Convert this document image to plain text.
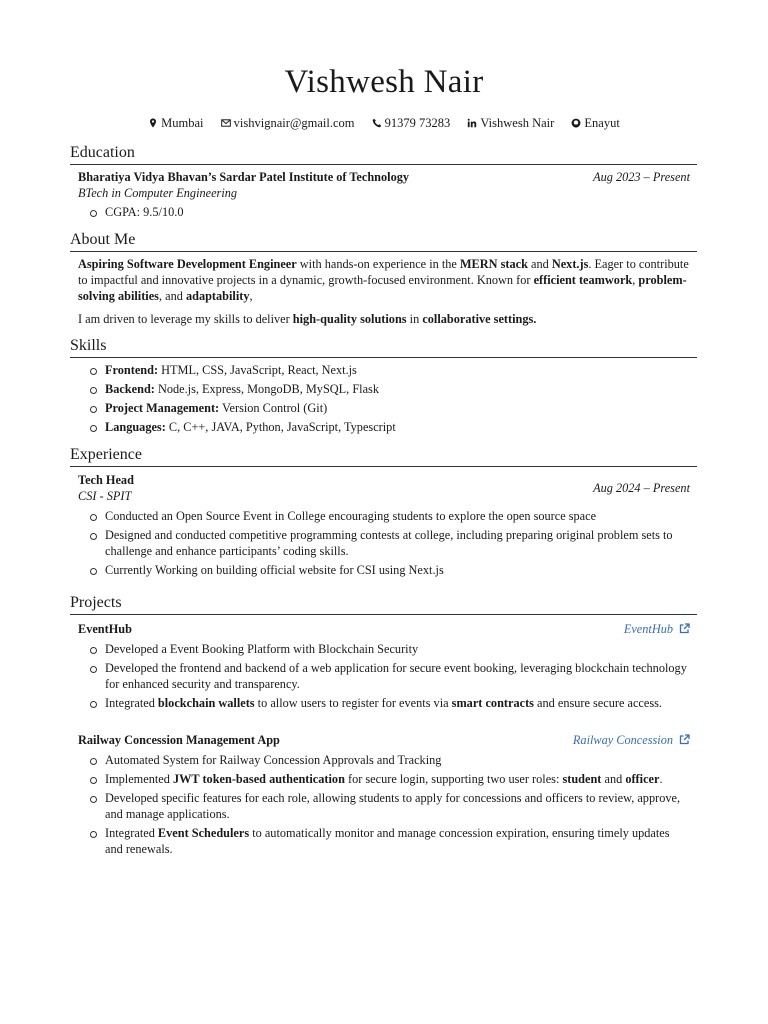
Vishwesh Nair
Mumbai vishvignair@gmail.com 91379 73283 Vishwesh Nair Enayut
Education
Bharatiya Vidya Bhavan’s Sardar Patel Institute of Technology	Aug 2023 – Present
BTech in Computer Engineering
CGPA: 9.5/10.0
About Me

Aspiring Software Development Engineer with hands-on experience in the MERN stack and Next.js. Eager to contribute to impactful and innovative projects in a dynamic, growth-focused environment. Known for efficient teamwork, problem-solving abilities, and adaptability,

I am driven to leverage my skills to deliver high-quality solutions in collaborative settings.

Skills
Frontend: HTML, CSS, JavaScript, React, Next.js
Backend: Node.js, Express, MongoDB, MySQL, Flask
Project Management: Version Control (Git)
Languages: C, C++, JAVA, Python, JavaScript, Typescript
Experience
Tech Head
CSI - SPIT
Aug 2024 – Present
Conducted an Open Source Event in College encouraging students to explore the open source space
Designed and conducted competitive programming contests at college, including preparing original problem sets to challenge and enhance participants’ coding skills.
Currently Working on building official website for CSI using Next.js
Projects
EventHub	EventHub
Developed a Event Booking Platform with Blockchain Security
Developed the frontend and backend of a web application for secure event booking, leveraging blockchain technology for enhanced security and transparency.
Integrated blockchain wallets to allow users to register for events via smart contracts and ensure secure access.
Railway Concession Management App	Railway Concession
Automated System for Railway Concession Approvals and Tracking
Implemented JWT token-based authentication for secure login, supporting two user roles: student and officer.
Developed specific features for each role, allowing students to apply for concessions and officers to review, approve, and manage applications.
Integrated Event Schedulers to automatically monitor and manage concession expiration, ensuring timely updates and renewals.
